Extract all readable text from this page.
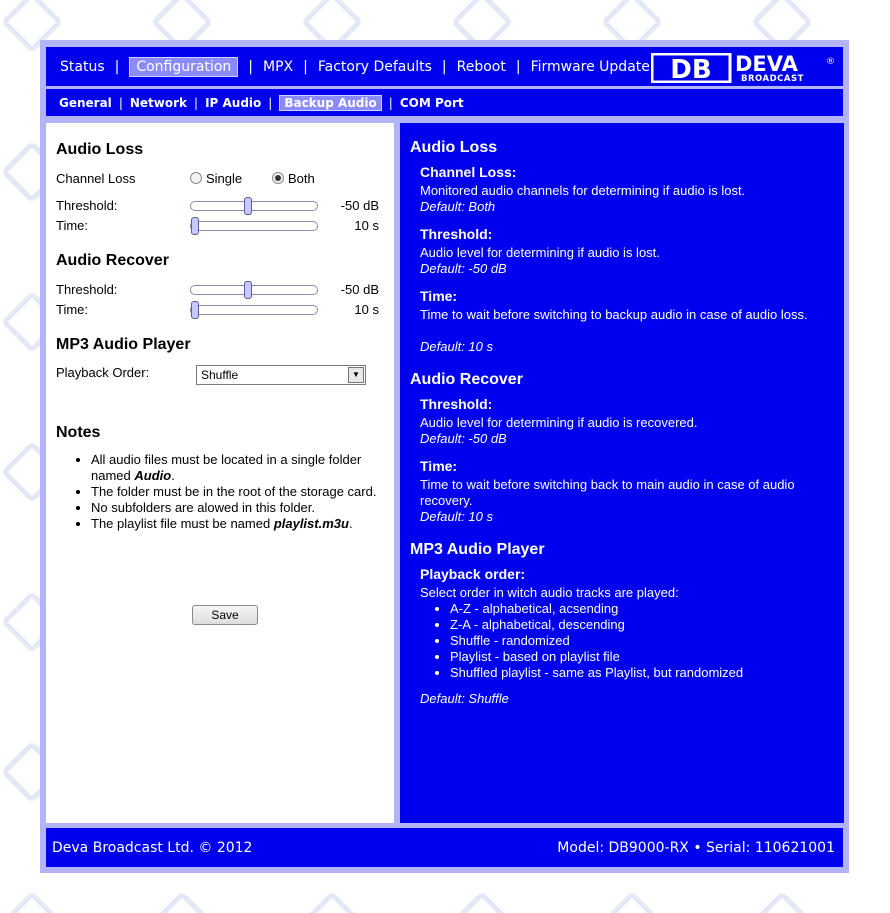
Status |	Configuration	| MPX | Factory Defaults | Reboot | Firmware Update DB DEVA	®
BROADCAST
General | Network | IP Audio |	Backup Audio	| COM Port
Audio Loss
Channel Loss	Single	Both
Threshold:	-50 dB
Time:	10 s
Audio Recover
Threshold:	-50 dB
Time:	10 s
MP3 Audio Player
Playback Order:	Shuffle	▼
Notes
• All audio files must be located in a single folder named Audio.
• The folder must be in the root of the storage card.
• No subfolders are alowed in this folder.
• The playlist file must be named playlist.m3u.
Save
Audio Loss
Channel Loss:
Monitored audio channels for determining if audio is lost.
Default: Both
Threshold:
Audio level for determining if audio is lost.
Default: -50 dB
Time:
Time to wait before switching to backup audio in case of audio loss.
Default: 10 s
Audio Recover
Threshold:
Audio level for determining if audio is recovered.
Default: -50 dB
Time:
Time to wait before switching back to main audio in case of audio recovery.
Default: 10 s
MP3 Audio Player
Playback order:
Select order in witch audio tracks are played:
• A-Z - alphabetical, acsending
• Z-A - alphabetical, descending
• Shuffle - randomized
• Playlist - based on playlist file
• Shuffled playlist - same as Playlist, but randomized
Default: Shuffle
Deva Broadcast Ltd. © 2012	Model: DB9000-RX • Serial: 110621001
